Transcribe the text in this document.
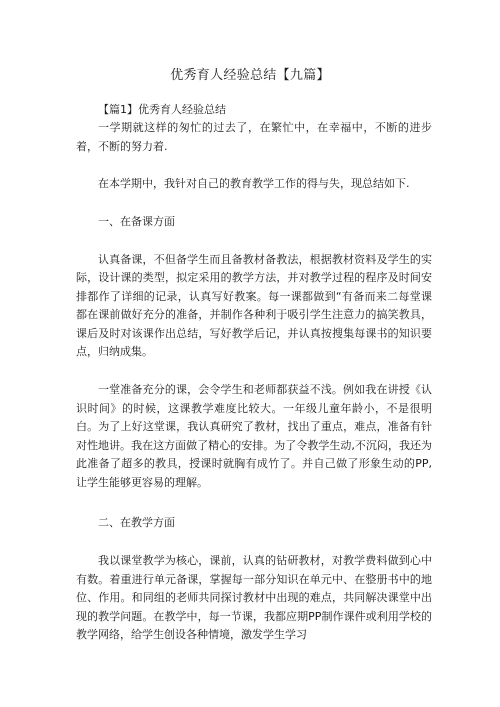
优秀育人经验总结【九篇】

【篇1】优秀育人经验总结

一学期就这样的匆忙的过去了，在繁忙中，在幸福中，不断的进步着，不断的努力着.

在本学期中，我针对自己的教育教学工作的得与失，现总结如下.

一、在备课方面

认真备课，不但备学生而且备教材备教法，根据教材资料及学生的实际，设计课的类型，拟定采用的教学方法，并对教学过程的程序及时间安排都作了详细的记录，认真写好教案。每一课都做到“有备而来二每堂课都在课前做好充分的准备，并制作各种利于吸引学生注意力的搞笑教具，课后及时对该课作出总结，写好教学后记，并认真按搜集每课书的知识要点，归纳成集。

一堂准备充分的课，会令学生和老师都获益不浅。例如我在讲授《认识时间》的时候，这课教学难度比较大。一年级儿童年龄小，不是很明白。为了上好这堂课，我认真研究了教材，找出了重点，难点，准备有针对性地讲。我在这方面做了精心的安排。为了令教学生动,不沉闷，我还为此准备了超多的教具，授课时就胸有成竹了。并自己做了形象生动的PP, 让学生能够更容易的理解。

二、在教学方面

我以课堂教学为核心，课前，认真的钻研教材，对教学费料做到心中有数。着重进行单元备课，掌握每一部分知识在单元中、在整册书中的地位、作用。和同组的老师共同探讨教材中出现的难点，共同解决课堂中出现的教学问题。在教学中，每一节课，我都应期PP制作课件或利用学校的教学网络，给学生创设各种情境，激发学生学习
